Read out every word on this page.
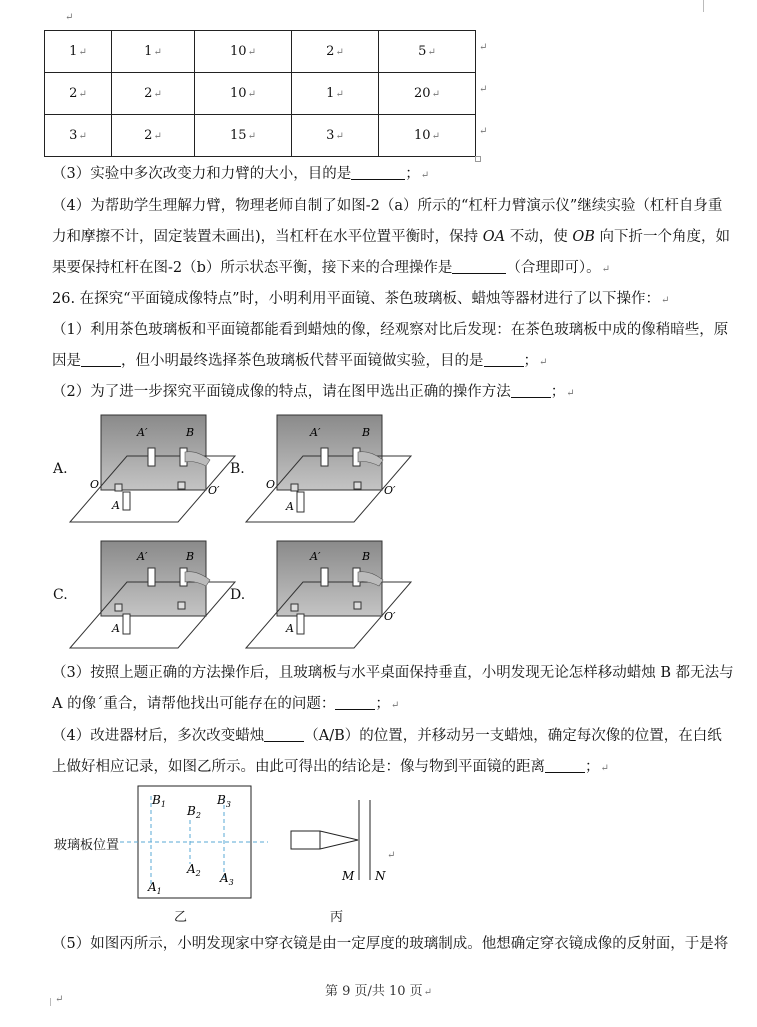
↵
1↵	1↵	10↵	2↵	5↵
2↵	2↵	10↵	1↵	20↵
3↵	2↵	15↵	3↵	10↵
↵
↵
↵
（3）实验中多次改变力和力臂的大小，目的是	；↵
（4）为帮助学生理解力臂，物理老师自制了如图-2（a）所示的“杠杆力臂演示仪”继续实验（杠杆自身重
力和摩擦不计，固定装置未画出)，当杠杆在水平位置平衡时，保持 OA 不动，使 OB 向下折一个角度，如
果要保持杠杆在图-2（b）所示状态平衡，接下来的合理操作是	（合理即可）。↵
26. 在探究“平面镜成像特点”时，小明利用平面镜、茶色玻璃板、蜡烛等器材进行了以下操作：↵
（1）利用茶色玻璃板和平面镜都能看到蜡烛的像，经观察对比后发现：在茶色玻璃板中成的像稍暗些，原
因是	，但小明最终选择茶色玻璃板代替平面镜做实验，目的是	；↵
（2）为了进一步探究平面镜成像的特点，请在图甲选出正确的操作方法	；↵
A.	B.
C.	D.
A′	B
O	O′
A
A′	B
O	O′
A
A′	B
A
A′	B
O′
A
（3）按照上题正确的方法操作后，且玻璃板与水平桌面保持垂直，小明发现无论怎样移动蜡烛 B 都无法与
A 的像ˊ重合，请帮他找出可能存在的问题：	；↵
（4）改进器材后，多次改变蜡烛	（A/B）的位置，并移动另一支蜡烛，确定每次像的位置，在白纸
上做好相应记录，如图乙所示。由此可得出的结论是：像与物到平面镜的距离	；↵
$B_1$ $B_2$
$B_3$
$A_2$ $A_3$
$A_1$
M N
玻璃板位置
↵
乙	丙
（5）如图丙所示，小明发现家中穿衣镜是由一定厚度的玻璃制成。他想确定穿衣镜成像的反射面，于是将
第 9 页/共 10 页↵
↵
